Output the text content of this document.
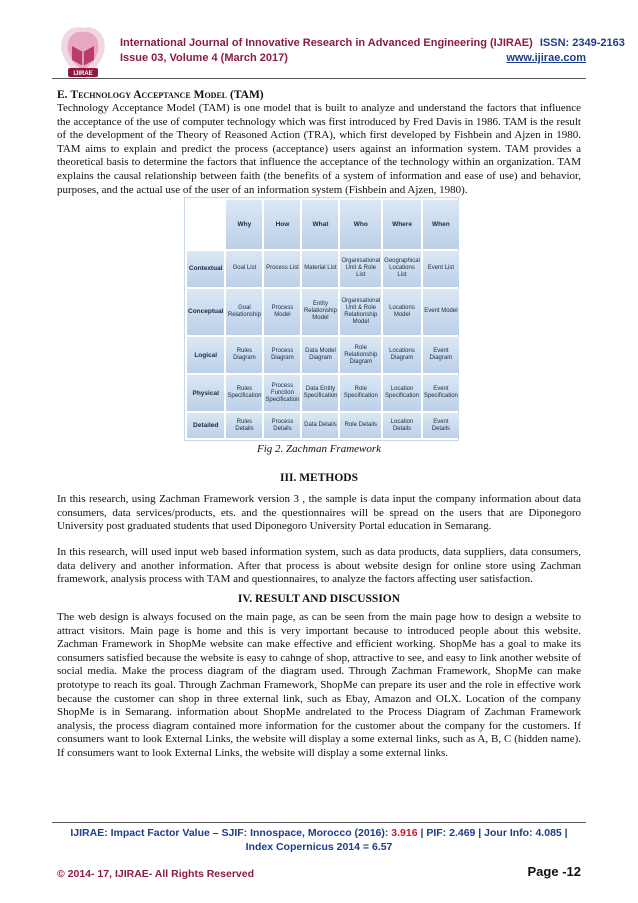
IJIRAE
International Journal of Innovative Research in Advanced Engineering (IJIRAE) ISSN: 2349-2163
Issue 03, Volume 4 (March 2017)	www.ijirae.com
E. Technology Acceptance Model (TAM)
Technology Acceptance Model (TAM) is one model that is built to analyze and understand the factors that influence the acceptance of the use of computer technology which was first introduced by Fred Davis in 1986. TAM is the result of the development of the Theory of Reasoned Action (TRA), which first developed by Fishbein and Ajzen in 1980. TAM aims to explain and predict the process (acceptance) users against an information system. TAM provides a theoretical basis to determine the factors that influence the acceptance of the technology within an organization. TAM explains the causal relationship between faith (the benefits of a system of information and ease of use) and behavior, purposes, and the actual use of the user of an information system (Fishbein and Ajzen, 1980).
	Why	How	What	Who	Where	When
Contextual	Goal List	Process List	Material List	Organisational Unit & Role List	Geographical Locations List	Event List
Conceptual	Goal Relationship	Process Model	Entity Relationship Model	Organisational Unit & Role Relationship Model	Locations Model	Event Model
Logical	Rules Diagram	Process Diagram	Data Model Diagram	Role Relationship Diagram	Locations Diagram	Event Diagram
Physical	Rules Specification	Process Function Specification	Data Entity Specification	Role Specification	Location Specification	Event Specification
Detailed	Rules Details	Process Details	Data Details	Role Details	Location Details	Event Details
Fig 2. Zachman Framework
III. METHODS
In this research, using Zachman Framework version 3 , the sample is data input the company information about data consumers, data services/products, ets. and the questionnaires will be spread on the users that are Diponegoro University post graduated students that used Diponegoro University Portal education in Semarang.
In this research, will used input web based information system, such as data products, data suppliers, data consumers, data delivery and another information. After that process is about website design for online store using Zachman framework, analysis process with TAM and questionnaires, to analyze the factors affecting user satisfaction.
IV. RESULT AND DISCUSSION
The web design is always focused on the main page, as can be seen from the main page how to design a website to attract visitors. Main page is home and this is very important because to introduced people about this website. Zachman Framework in ShopMe website can make effective and efficient working. ShopMe has a goal to make its consumers satisfied because the website is easy to cahnge of shop, attractive to see, and easy to link another website of social media. Make the process diagram of the diagram used. Through Zachman Framework, ShopMe can make prototype to reach its goal. Through Zachman Framework, ShopMe can prepare its user and the role in effective work because the customer can shop in three external link, such as Ebay, Amazon and OLX. Location of the company ShopMe is in Semarang. information about ShopMe andrelated to the Process Diagram of Zachman Framework analysis, the process diagram contained more information for the customer about the company for the customers. If consumers want to look External Links, the website will display a some external links, such as A, B, C (hidden name). If consumers want to look External Links, the website will display a some external links.
IJIRAE: Impact Factor Value – SJIF: Innospace, Morocco (2016): 3.916 | PIF: 2.469 | Jour Info: 4.085 |
Index Copernicus 2014 = 6.57
© 2014- 17, IJIRAE- All Rights Reserved	Page -12
